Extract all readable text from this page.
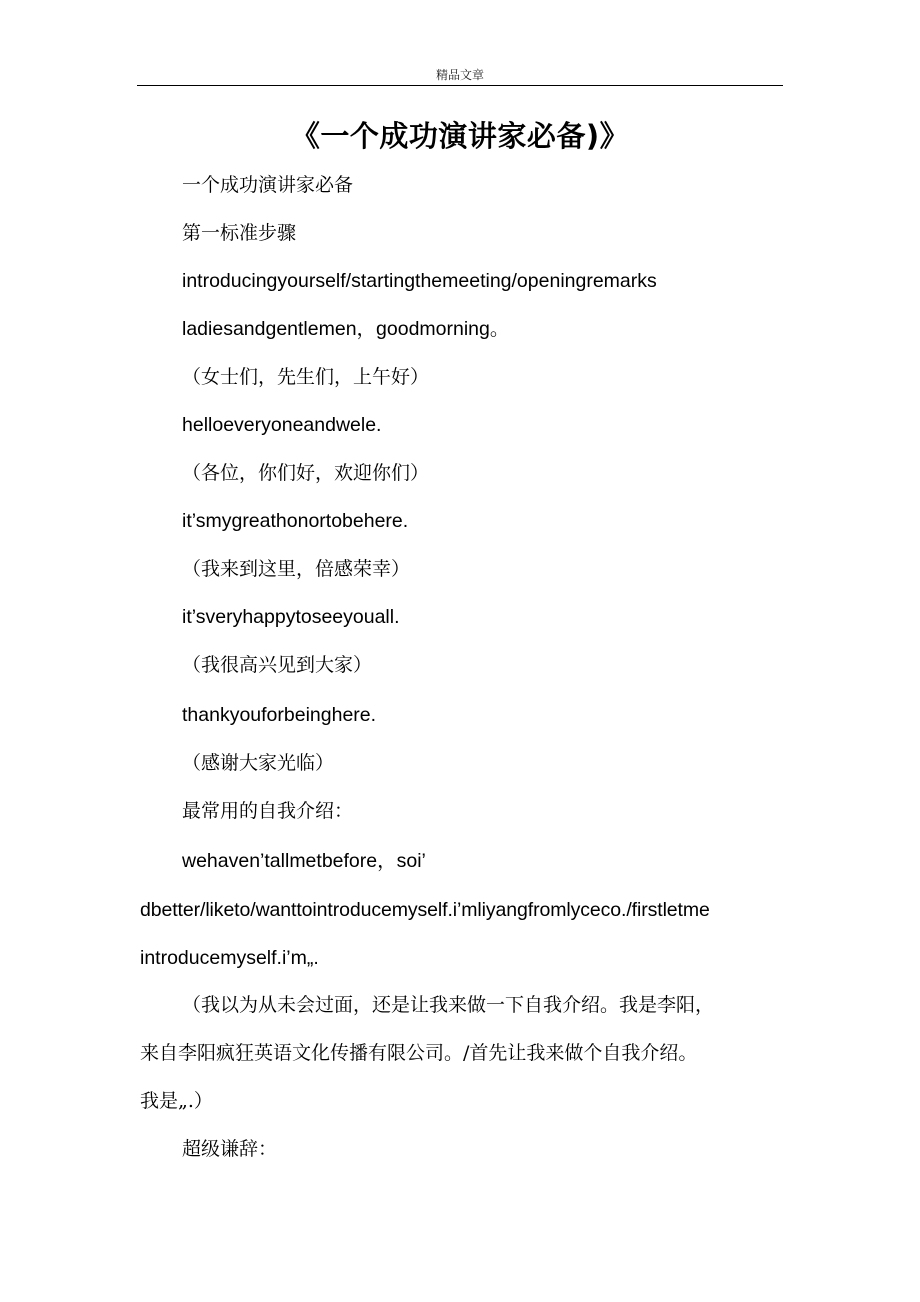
精品文章
《一个成功演讲家必备)》
一个成功演讲家必备
第一标准步骤
introducingyourself/startingthemeeting/openingremarks
ladiesandgentlemen，goodmorning。
（女士们，先生们，上午好）
helloeveryoneandwele.
（各位，你们好，欢迎你们）
it’smygreathonortobehere.
（我来到这里，倍感荣幸）
it’sveryhappytoseeyouall.
（我很高兴见到大家）
thankyouforbeinghere.
（感谢大家光临）
最常用的自我介绍：
wehaven’tallmetbefore，soi’
dbetter/liketo/wanttointroducemyself.i’mliyangfromlyceco./firstletme
introducemyself.i’m„.
（我以为从未会过面，还是让我来做一下自我介绍。我是李阳，
来自李阳疯狂英语文化传播有限公司。/首先让我来做个自我介绍。
我是„.）
超级谦辞：
